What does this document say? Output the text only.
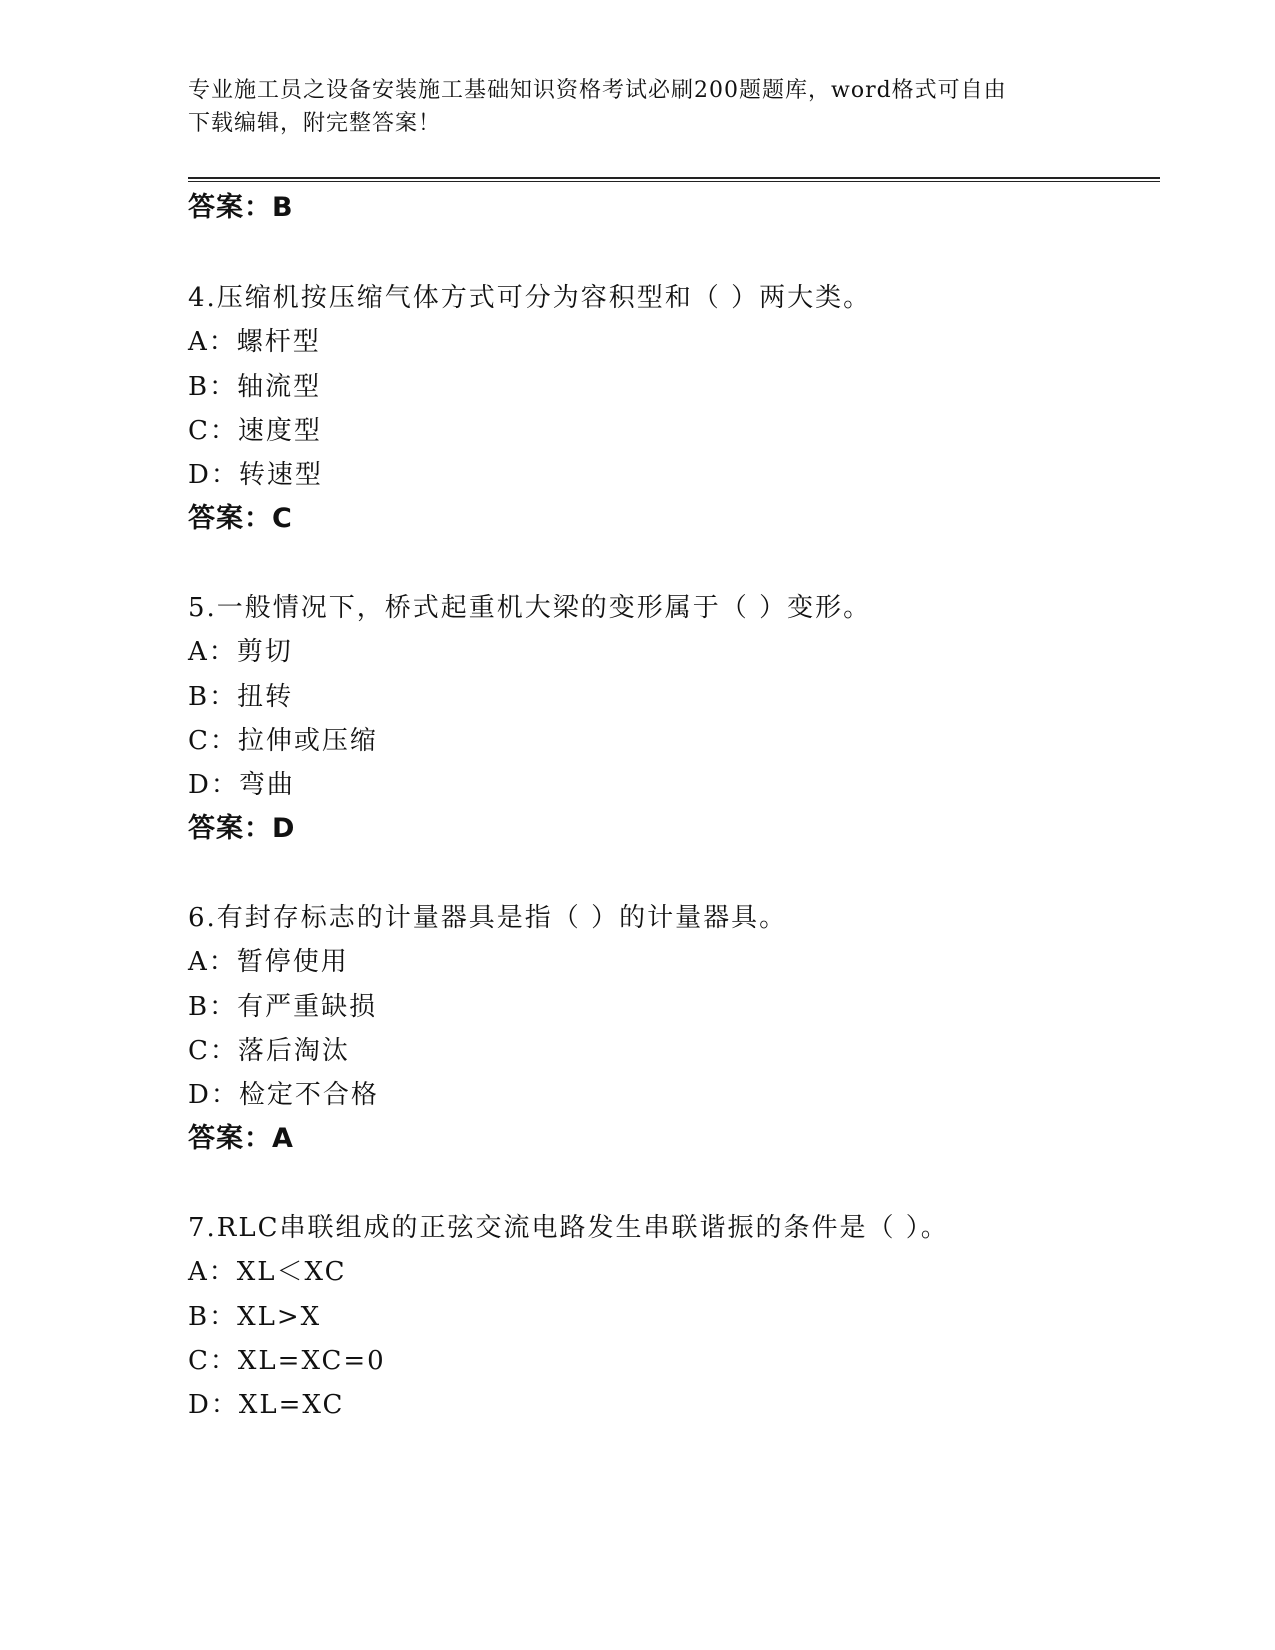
专业施工员之设备安装施工基础知识资格考试必刷200题题库，word格式可自由
下载编辑，附完整答案！
答案：B
4.压缩机按压缩气体方式可分为容积型和（ ）两大类。
A：螺杆型
B：轴流型
C：速度型
D：转速型
答案：C
5.一般情况下，桥式起重机大梁的变形属于（ ）变形。
A：剪切
B：扭转
C：拉伸或压缩
D：弯曲
答案：D
6.有封存标志的计量器具是指（ ）的计量器具。
A：暂停使用
B：有严重缺损
C：落后淘汰
D：检定不合格
答案：A
7.RLC串联组成的正弦交流电路发生串联谐振的条件是（ ）。
A：XL＜XC
B：XL>X
C：XL=XC=0
D：XL=XC
